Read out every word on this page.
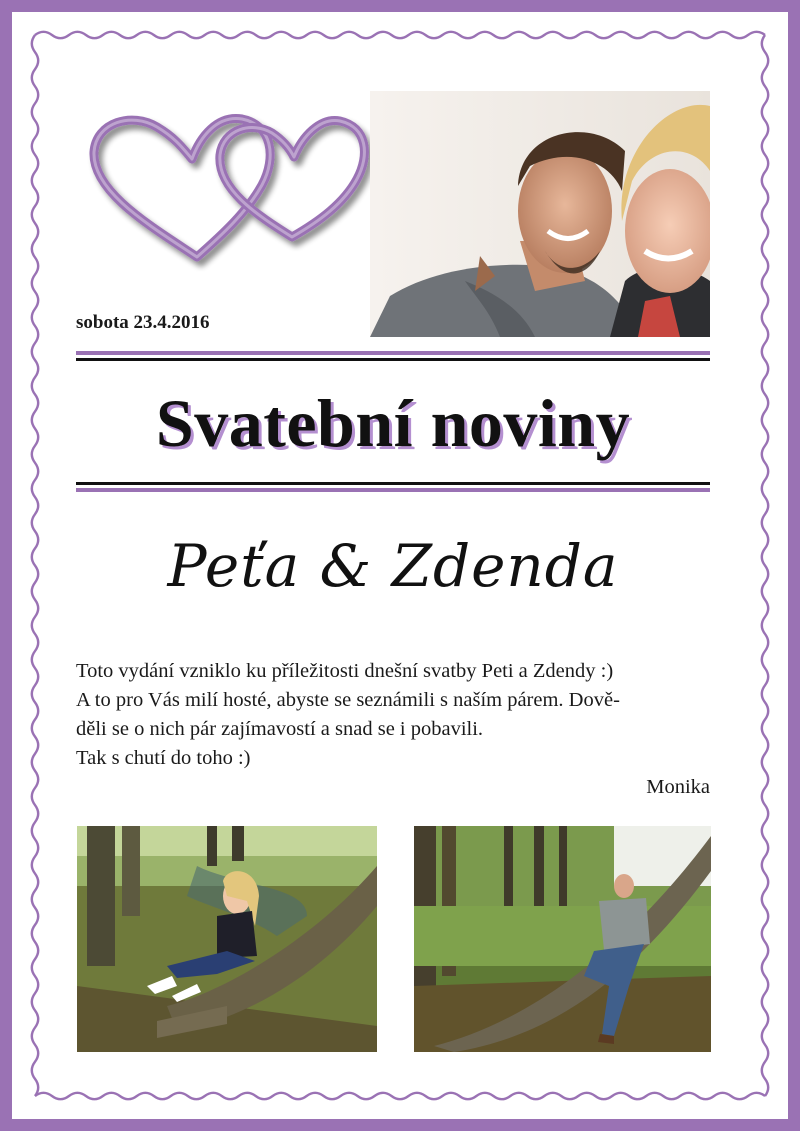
sobota 23.4.2016
Svatební noviny
Peťa & Zdenda

Toto vydání vzniklo ku příležitosti dnešní svatby Peti a Zdendy :)

A to pro Vás milí hosté, abyste se seznámili s naším párem. Dově-

děli se o nich pár zajímavostí a snad se i pobavili.

Tak s chutí do toho :)

Monika
